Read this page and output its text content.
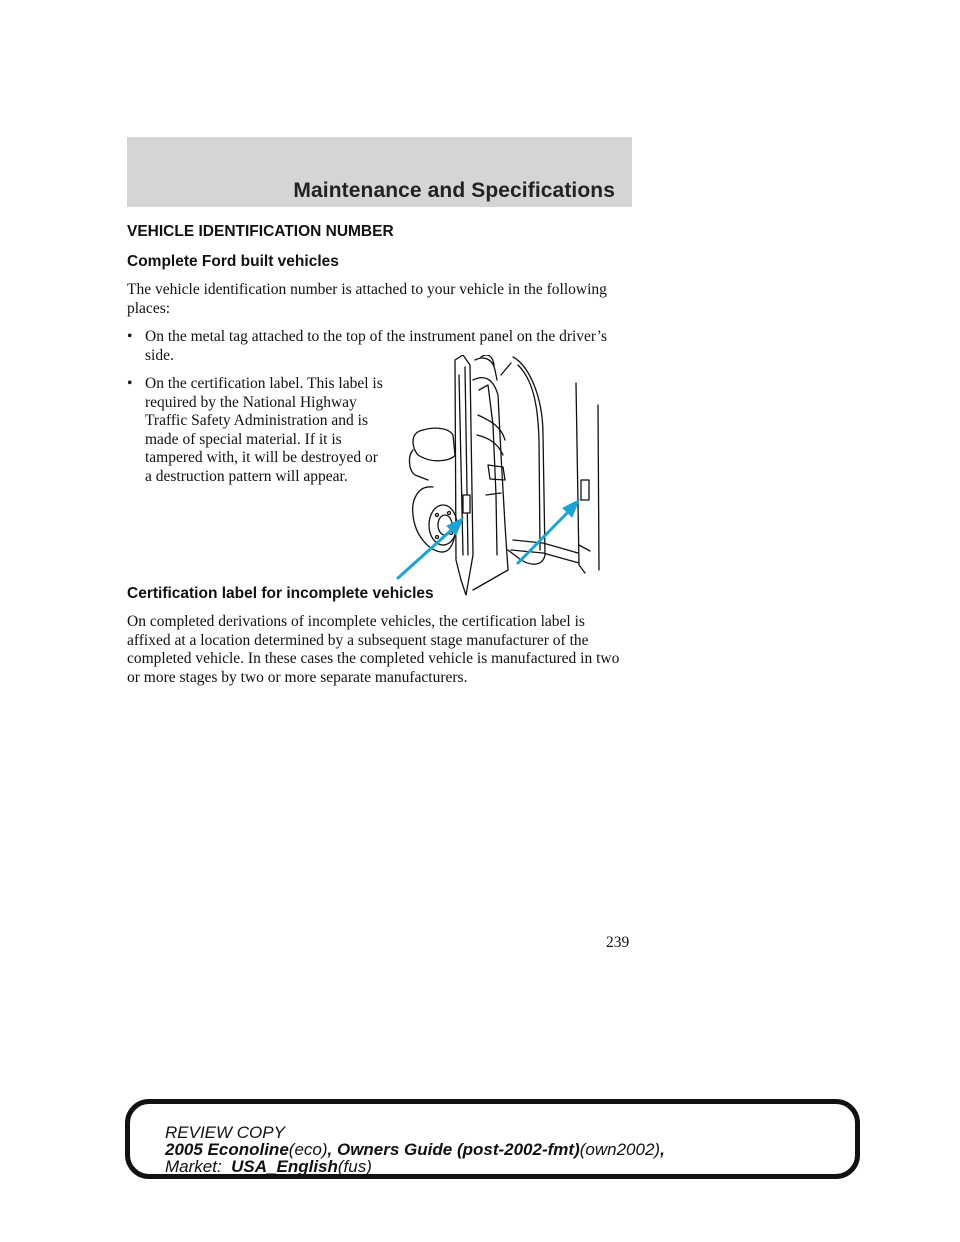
Maintenance and Specifications
VEHICLE IDENTIFICATION NUMBER
Complete Ford built vehicles

The vehicle identification number is attached to your vehicle in the following places:

• On the metal tag attached to the top of the instrument panel on the driver’s side.
• On the certification label. This label is required by the National Highway Traffic Safety Administration and is made of special material. If it is tampered with, it will be destroyed or a destruction pattern will appear.
Certification label for incomplete vehicles

On completed derivations of incomplete vehicles, the certification label is affixed at a location determined by a subsequent stage manufacturer of the completed vehicle. In these cases the completed vehicle is manufactured in two or more stages by two or more separate manufacturers.

239
REVIEW COPY
2005 Econoline(eco), Owners Guide (post-2002-fmt)(own2002),
Market: USA_English(fus)
